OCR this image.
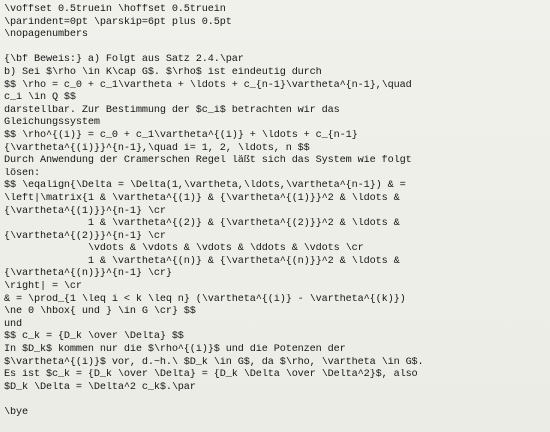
\voffset 0.5truein \hoffset 0.5truein
\parindent=0pt \parskip=6pt plus 0.5pt
\nopagenumbers
{\bf Beweis:} a) Folgt aus Satz 2.4.\par
b) Sei $\rho \in K\cap G$. $\rho$ ist eindeutig durch
$$ \rho = c_0 + c_1\vartheta + \ldots + c_{n-1}\vartheta^{n-1},\quad
c_i \in Q $$
darstellbar. Zur Bestimmung der $c_i$ betrachten wir das
Gleichungssystem
$$ \rho^{(i)} = c_0 + c_1\vartheta^{(i)} + \ldots + c_{n-1}
{\vartheta^{(i)}}^{n-1},\quad i= 1, 2, \ldots, n $$
Durch Anwendung der Cramerschen Regel läßt sich das System wie folgt
lösen:
$$ \eqalign{\Delta = \Delta(1,\vartheta,\ldots,\vartheta^{n-1}) & =
\left|\matrix{1 & \vartheta^{(1)} & {\vartheta^{(1)}}^2 & \ldots &
{\vartheta^{(1)}}^{n-1} \cr
1 & \vartheta^{(2)} & {\vartheta^{(2)}}^2 & \ldots &
{\vartheta^{(2)}}^{n-1} \cr
\vdots & \vdots & \vdots & \ddots & \vdots \cr
1 & \vartheta^{(n)} & {\vartheta^{(n)}}^2 & \ldots &
{\vartheta^{(n)}}^{n-1} \cr}
\right| = \cr
& = \prod_{1 \leq i < k \leq n} (\vartheta^{(i)} - \vartheta^{(k)})
\ne 0 \hbox{ und } \in G \cr} $$
und
$$ c_k = {D_k \over \Delta} $$
In $D_k$ kommen nur die $\rho^{(i)}$ und die Potenzen der
$\vartheta^{(i)}$ vor, d.~h.\ $D_k \in G$, da $\rho, \vartheta \in G$.
Es ist $c_k = {D_k \over \Delta} = {D_k \Delta \over \Delta^2}$, also
$D_k \Delta = \Delta^2 c_k$.\par
\bye
